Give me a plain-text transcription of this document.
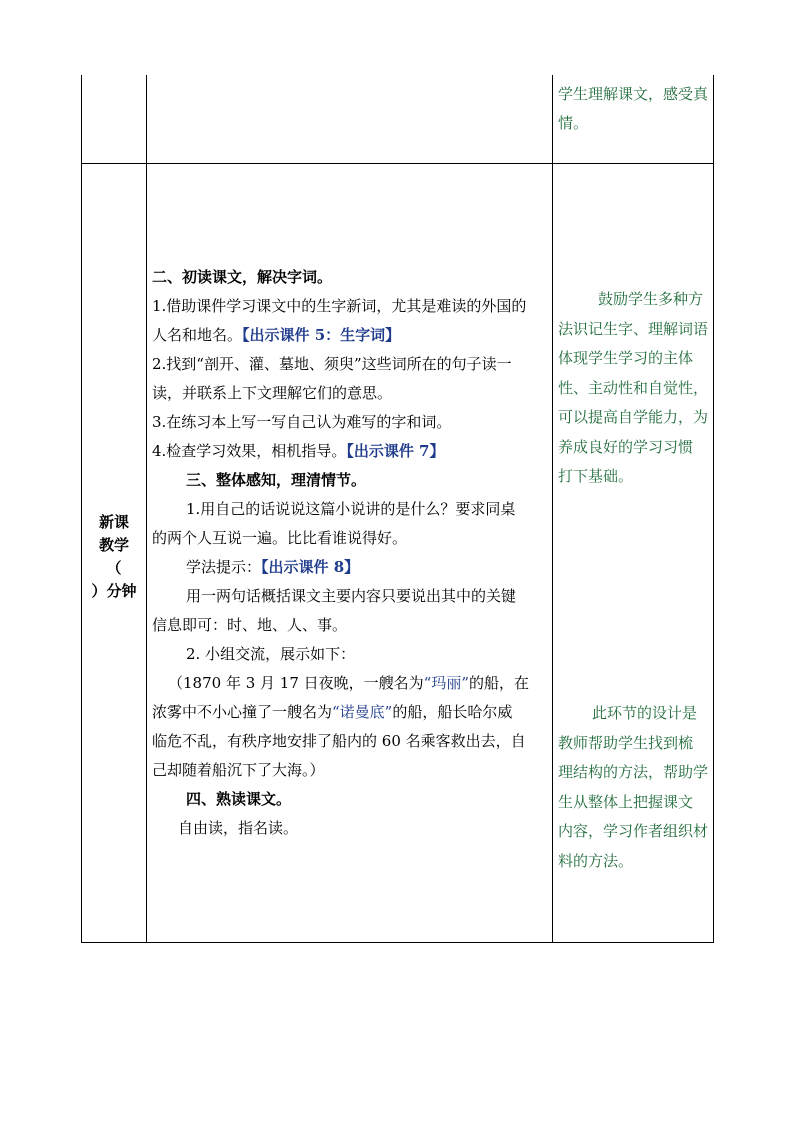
学生理解课文，感受真

情。

新课
教学
（
）分钟

二、初读课文，解决字词。

1.借助课件学习课文中的生字新词，尤其是难读的外国的

人名和地名。【出示课件 5：生字词】

2.找到“剖开、灌、墓地、须臾”这些词所在的句子读一

读，并联系上下文理解它们的意思。

3.在练习本上写一写自己认为难写的字和词。

4.检查学习效果，相机指导。【出示课件 7】

三、整体感知，理清情节。

1.用自己的话说说这篇小说讲的是什么？要求同桌

的两个人互说一遍。比比看谁说得好。

学法提示：【出示课件 8】

用一两句话概括课文主要内容只要说出其中的关键

信息即可：时、地、人、事。

2. 小组交流，展示如下：

（1870 年 3 月 17 日夜晚，一艘名为“玛丽”的船，在

浓雾中不小心撞了一艘名为“诺曼底”的船，船长哈尔威

临危不乱，有秩序地安排了船内的 60 名乘客救出去，自

己却随着船沉下了大海。）

四、熟读课文。

自由读，指名读。

鼓励学生多种方

法识记生字、理解词语

体现学生学习的主体

性、主动性和自觉性，

可以提高自学能力，为

养成良好的学习习惯

打下基础。

此环节的设计是

教师帮助学生找到梳

理结构的方法，帮助学

生从整体上把握课文

内容，学习作者组织材

料的方法。
